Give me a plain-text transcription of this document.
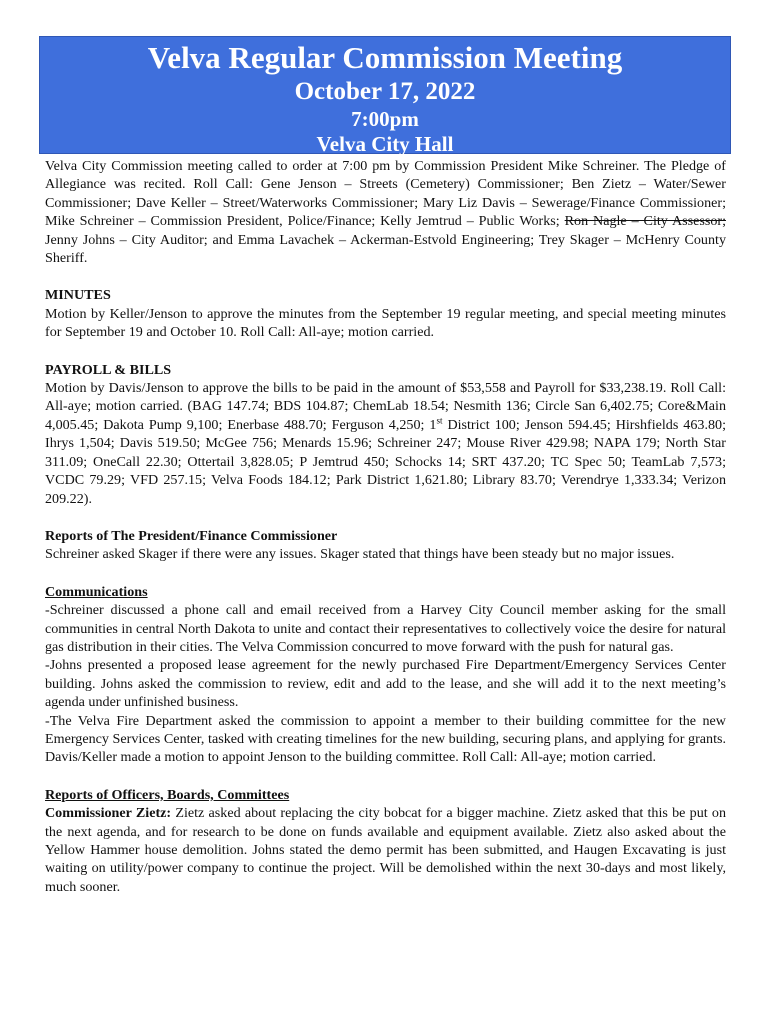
Velva Regular Commission Meeting
October 17, 2022
7:00pm
Velva City Hall

Velva City Commission meeting called to order at 7:00 pm by Commission President Mike Schreiner. The Pledge of Allegiance was recited. Roll Call: Gene Jenson – Streets (Cemetery) Commissioner; Ben Zietz – Water/Sewer Commissioner; Dave Keller – Street/Waterworks Commissioner; Mary Liz Davis – Sewerage/Finance Commissioner; Mike Schreiner – Commission President, Police/Finance; Kelly Jemtrud – Public Works; Ron Nagle – City Assessor; Jenny Johns – City Auditor; and Emma Lavachek – Ackerman-Estvold Engineering; Trey Skager – McHenry County Sheriff.

MINUTES

Motion by Keller/Jenson to approve the minutes from the September 19 regular meeting, and special meeting minutes for September 19 and October 10. Roll Call: All-aye; motion carried.

PAYROLL & BILLS

Motion by Davis/Jenson to approve the bills to be paid in the amount of $53,558 and Payroll for $33,238.19. Roll Call: All-aye; motion carried. (BAG 147.74; BDS 104.87; ChemLab 18.54; Nesmith 136; Circle San 6,402.75; Core&Main 4,005.45; Dakota Pump 9,100; Enerbase 488.70; Ferguson 4,250; 1st District 100; Jenson 594.45; Hirshfields 463.80; Ihrys 1,504; Davis 519.50; McGee 756; Menards 15.96; Schreiner 247; Mouse River 429.98; NAPA 179; North Star 311.09; OneCall 22.30; Ottertail 3,828.05; P Jemtrud 450; Schocks 14; SRT 437.20; TC Spec 50; TeamLab 7,573; VCDC 79.29; VFD 257.15; Velva Foods 184.12; Park District 1,621.80; Library 83.70; Verendrye 1,333.34; Verizon 209.22).

Reports of The President/Finance Commissioner

Schreiner asked Skager if there were any issues. Skager stated that things have been steady but no major issues.

Communications

-Schreiner discussed a phone call and email received from a Harvey City Council member asking for the small communities in central North Dakota to unite and contact their representatives to collectively voice the desire for natural gas distribution in their cities. The Velva Commission concurred to move forward with the push for natural gas.

-Johns presented a proposed lease agreement for the newly purchased Fire Department/Emergency Services Center building. Johns asked the commission to review, edit and add to the lease, and she will add it to the next meeting’s agenda under unfinished business.

-The Velva Fire Department asked the commission to appoint a member to their building committee for the new Emergency Services Center, tasked with creating timelines for the new building, securing plans, and applying for grants. Davis/Keller made a motion to appoint Jenson to the building committee. Roll Call: All-aye; motion carried.

Reports of Officers, Boards, Committees

Commissioner Zietz: Zietz asked about replacing the city bobcat for a bigger machine. Zietz asked that this be put on the next agenda, and for research to be done on funds available and equipment available. Zietz also asked about the Yellow Hammer house demolition. Johns stated the demo permit has been submitted, and Haugen Excavating is just waiting on utility/power company to continue the project. Will be demolished within the next 30-days and most likely, much sooner.
